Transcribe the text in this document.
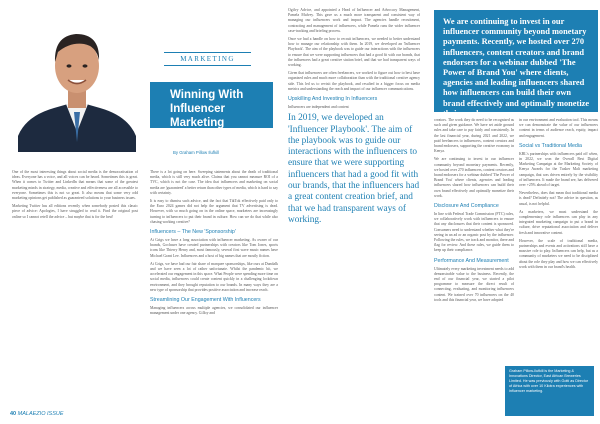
MARKETING
Winning With
Influencer Marketing
By Graham Pillow Ilufkill

One of the most interesting things about social media is the democratisation of ideas. Everyone has a voice, and all voices can be heard. Sometimes this is great. When it comes to Twitter and LinkedIn that means that some of the greatest marketing minds in strategy, media, creative and effectiveness are all accessible to everyone. Sometimes this is not so great. It also means that some very odd marketing opinions get published as guaranteed solutions to your business issues.

Marketing Twitter has all editions recently when somebody posted this classic piece of advice: Apologies, I have struggled to read it. Find the original post online so I cannot retell the advice – but maybe that is for the best!

There is a lot going on here. Sweeping statements about the death of traditional media, which is still very much alive. Claims that you cannot measure ROI of a TVC, which is not the case. The idea that influencers and marketing on social media are 'guaranteed' a better return than other types of media, which is hard to say with certainty.

It is easy to dismiss such advice, and the fact that TikTok effectively paid only to the Euro 2024 games did not help the argument that TV advertising is dead. However, with so much going on in the online space, marketers are increasingly turning to influencers to put their brand in culture. How can we do that while also chasing working creative?

Influencers – The New 'Sponsorship'

At Grigs we have a long association with influencer marketing. As owner of our brands, Gochaser have created partnerships with creators like Tom Jones, sports icons like Thierry Henry and, most famously, several first wave music names have Michael Grant Lee. Influencers and a host of big names that are mostly fiction.

At Grigs, we have had our fair share of marquee sponsorships, like ours at Dundalk and we have seen a lot of rather unfortunate. Whilst the pandemic hit, we accelerated our engagement in this space. What People were spending more time on social media, influencers could create content quickly in a challenging lockdown environment, and they brought reputation to our brands. In many ways they are a new type of sponsorship that provides positive association and increase reach.

Streamlining Our Engagement With Influencers

Managing influencers across multiple agencies, we consolidated our influencer management under one agency. Gilloy and

Ogilvy Advice, and appointed a Head of Influencer and Advocacy Management, Pamela Mulvey. This gave us a much more transparent and consistent way of managing our influencers work and impact. The agencies handle recruitment, contracting and management of influencers, while Pamela runs the wider influencer case-tracking and briefing process.

Once we had a handle on how to recruit influencers, we needed to better understand how to manage our relationship with them. In 2019, we developed an 'Influencer Playbook'. The aim of the playbook was to guide our interactions with the influencers to ensure that we were supporting influencers that had a good fit with our brands, that the influencers had a great creative station brief, and that we had transparent ways of working.

Given that influencers are often freelancers, we worked to figure out how to best have organized rules and much more collaboration than with the traditional creative agency side. This led us to revisit the playbook, and resulted in a bigger focus on media metrics and understanding the reach and impact of our influencer communications.

Upskilling And Investing In Influencers

Influencers are independent and content

In 2019, we developed an 'Influencer Playbook'. The aim of the playbook was to guide our interactions with the influencers to ensure that we were supporting influencers that had a good fit with our brands, that the influencers had a great content creation brief, and that we had transparent ways of working.

We are continuing to invest in our influencer community beyond monetary payments. Recently, we hosted over 270 influencers, content creators and brand endorsers for a webinar dubbed 'The Power of Brand You' where clients, agencies and leading influencers shared how influencers can build their own brand effectively and optimally monetize their work.

creators. The work they do need to be recognised as such and given guidance. We have set aside ground rules and take care to pay fairly and consistently. In the last financial year, during 2021 and 2022, we paid freelancers to influencers, content creators and brand endorsers, supporting the creative economy in Kenya.

We are continuing to invest in our influencer community beyond monetary payments. Recently, we hosted over 270 influencers, content creators and brand endorsers for a webinar dubbed 'The Power of Brand You' where clients, agencies and leading influencers shared how influencers can build their own brand effectively and optimally monetize their work.

Disclosure And Compliance

In line with Federal Trade Commission (FTC) rules, we collaboratively work with influencers to ensure that any disclosures that their content is sponsored. Consumers need to understand whether what they're seeing in an ad or an organic post by the influencer. Following the rules, we track and monitor, there and flag for review. And these rules, we guide them to keep up their compliance.

Performance And Measurement

Ultimately every marketing investment needs to add demonstrable value to the business. Recently, the end of our financial year, we started a pilot programme to measure the direct result of connecting, evaluating, and monitoring influencers content. We trained over 70 influencers on the 40 tools and this financial year, we have adopted

in our environment and evaluation tool. This means we can demonstrate the value of our influencers content in terms of audience reach, equity, impact and engagement.

Social vs Traditional Media

KBL's partnerships with influencers paid off when, in 2022, we won the Overall Best Digital Marketing Campaign at the Marketing Society of Kenya Awards for the Tusker Malt marketing campaign, that was driven entirely by the visibility of influencers. It made the brand see, has delivered over +25% ahead of target.

Nevertheless, does that mean that traditional media is dead? Definitely not! The advice in question, as usual, is not helpful.

As marketers, we must understand the complementary role influencers can play in any integrated marketing campaign to put a brand in culture, drive reputational association and deliver fresh and innovative content.

However, the scale of traditional media, partnerships and events and activations still have a massive role to play. Influencers can help, but as a community of marketers we need to be disciplined about the role they play and how we can effectively work with them in our brand's health.

Graham Pillow-Ilufkill is the Marketing & Innovations Director, East African Breweries Limited. He was previously with Gotti as Director of Africa with over 10 Kilotra experiences with influencer marketing.
40 MALAEZIO ISSUE
